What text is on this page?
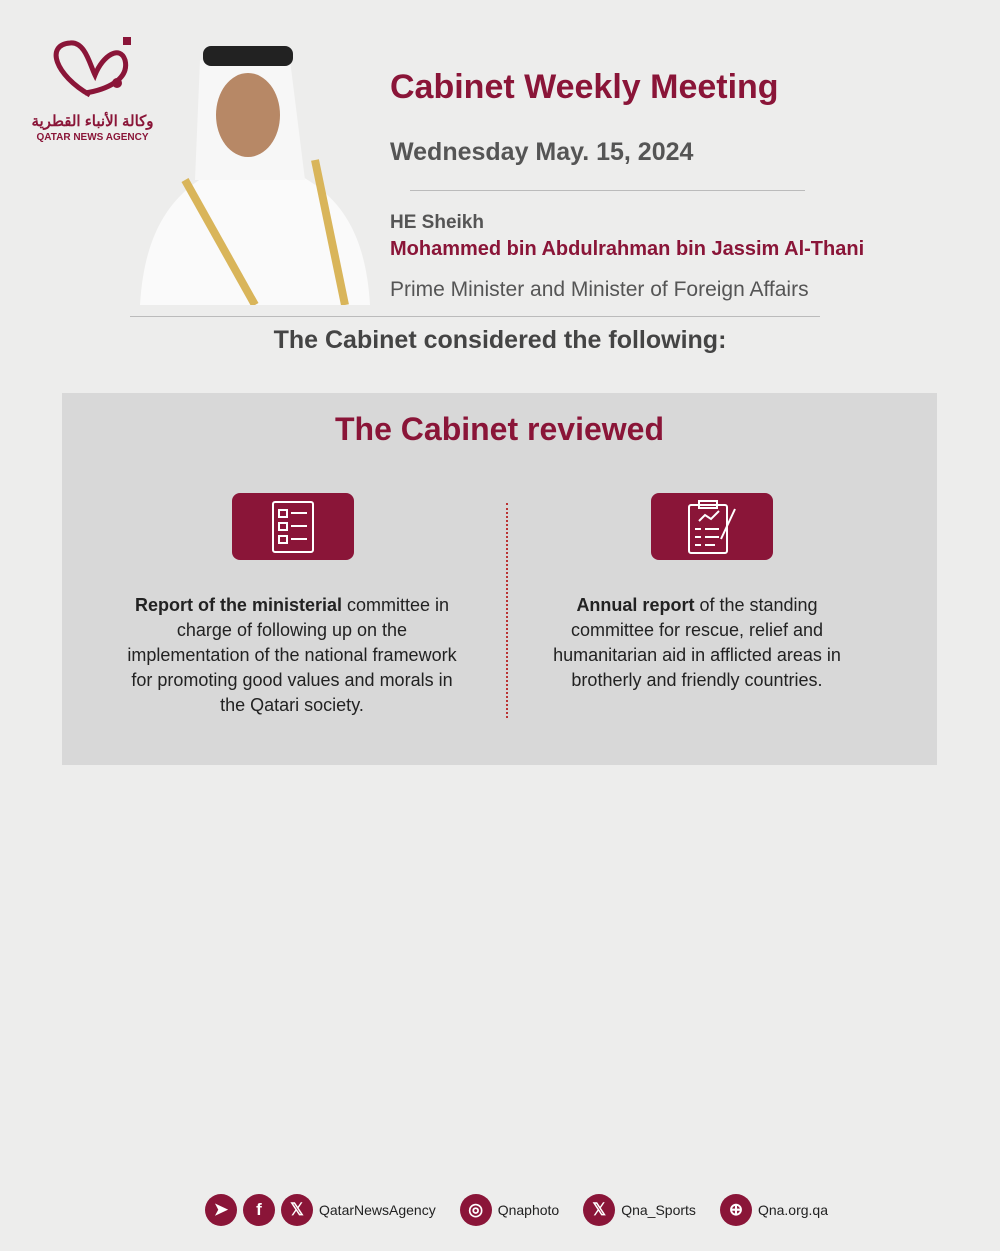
وكالة الأنباء القطرية
QATAR NEWS AGENCY
Cabinet Weekly Meeting
Wednesday May. 15, 2024
HE Sheikh
Mohammed bin Abdulrahman bin Jassim Al-Thani
Prime Minister and Minister of Foreign Affairs
The Cabinet considered the following:
The Cabinet reviewed
Report of the ministerial committee in charge of following up on the implementation of the national framework for promoting good values and morals in the Qatari society.
Annual report of the standing committee for rescue, relief and humanitarian aid in afflicted areas in brotherly and friendly countries.
➤	f	𝕏	QatarNewsAgency	◎	Qnaphoto	𝕏	Qna_Sports	⊕	Qna.org.qa
